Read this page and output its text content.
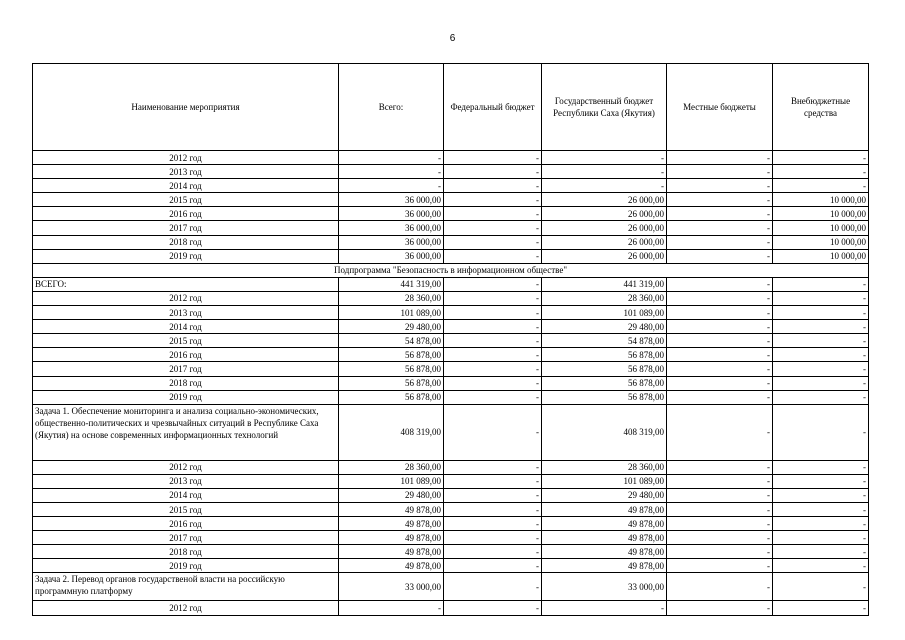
6
Наименование мероприятия	Всего:	Федеральный бюджет	Государственный бюджет Республики Саха (Якутия)	Местные бюджеты	Внебюджетные средства
2012 год	-	-	-	-	-
2013 год	-	-	-	-	-
2014 год	-	-	-	-	-
2015 год	36 000,00	-	26 000,00	-	10 000,00
2016 год	36 000,00	-	26 000,00	-	10 000,00
2017 год	36 000,00	-	26 000,00	-	10 000,00
2018 год	36 000,00	-	26 000,00	-	10 000,00
2019 год	36 000,00	-	26 000,00	-	10 000,00
Подпрограмма "Безопасность в информационном обществе"					
ВСЕГО:	441 319,00	-	441 319,00	-	-
2012 год	28 360,00	-	28 360,00	-	-
2013 год	101 089,00	-	101 089,00	-	-
2014 год	29 480,00	-	29 480,00	-	-
2015 год	54 878,00	-	54 878,00	-	-
2016 год	56 878,00	-	56 878,00	-	-
2017 год	56 878,00	-	56 878,00	-	-
2018 год	56 878,00	-	56 878,00	-	-
2019 год	56 878,00	-	56 878,00	-	-
Задача 1. Обеспечение мониторинга и анализа социально-экономических, общественно-политических и чрезвычайных ситуаций в Республике Саха (Якутия) на основе современных информационных технологий	408 319,00	-	408 319,00	-	-
2012 год	28 360,00	-	28 360,00	-	-
2013 год	101 089,00	-	101 089,00	-	-
2014 год	29 480,00	-	29 480,00	-	-
2015 год	49 878,00	-	49 878,00	-	-
2016 год	49 878,00	-	49 878,00	-	-
2017 год	49 878,00	-	49 878,00	-	-
2018 год	49 878,00	-	49 878,00	-	-
2019 год	49 878,00	-	49 878,00	-	-
Задача 2. Перевод органов государственой власти на российскую программную платформу	33 000,00	-	33 000,00	-	-
2012 год	-	-	-	-	-
